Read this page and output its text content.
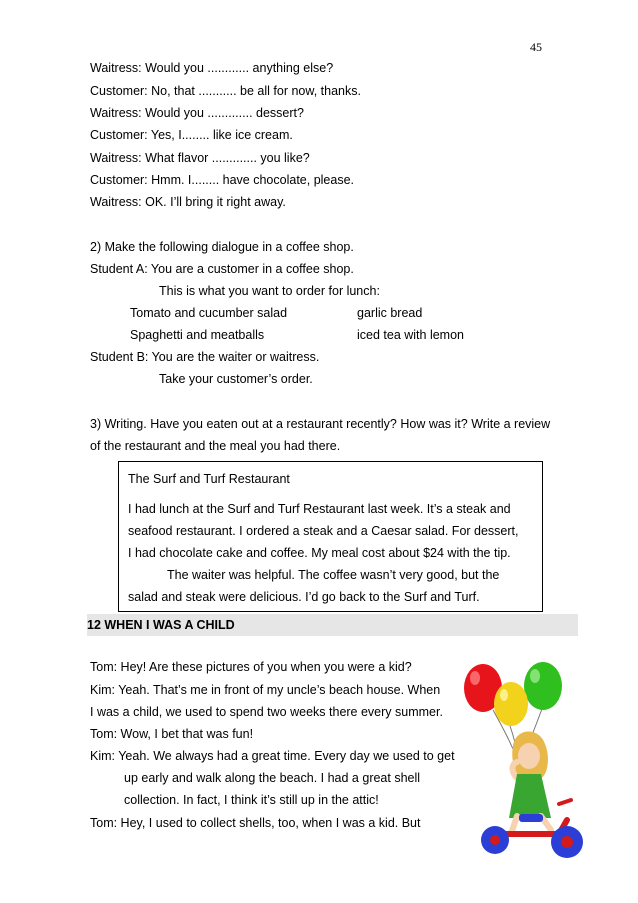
45
Waitress: Would you ............ anything else?
Customer: No, that ........... be all for now, thanks.
Waitress: Would you ............. dessert?
Customer: Yes, I........ like ice cream.
Waitress: What flavor ............. you like?
Customer: Hmm. I........ have chocolate, please.
Waitress: OK. I’ll bring it right away.
2) Make the following dialogue in a coffee shop.
Student A: You are a customer in a coffee shop.
This is what you want to order for lunch:
Tomato and cucumber salad	garlic bread
Spaghetti and meatballs	iced tea with lemon
Student B: You are the waiter or waitress.
Take your customer’s order.
3) Writing. Have you eaten out at a restaurant recently? How was it? Write a review
of the restaurant and the meal you had there.
The Surf and Turf Restaurant
I had lunch at the Surf and Turf Restaurant last week. It’s a steak and
seafood restaurant. I ordered a steak and a Caesar salad. For dessert,
I had chocolate cake and coffee. My meal cost about $24 with the tip.
The waiter was helpful. The coffee wasn’t very good, but the
salad and steak were delicious. I’d go back to the Surf and Turf.
12 WHEN I WAS A CHILD
Tom: Hey! Are these pictures of you when you were a kid?
Kim: Yeah. That’s me in front of my uncle’s beach house. When
I was a child, we used to spend two weeks there every summer.
Tom: Wow, I bet that was fun!
Kim: Yeah. We always had a great time. Every day we used to get
up early and walk along the beach. I had a great shell
collection. In fact, I think it’s still up in the attic!
Tom: Hey, I used to collect shells, too, when I was a kid. But
